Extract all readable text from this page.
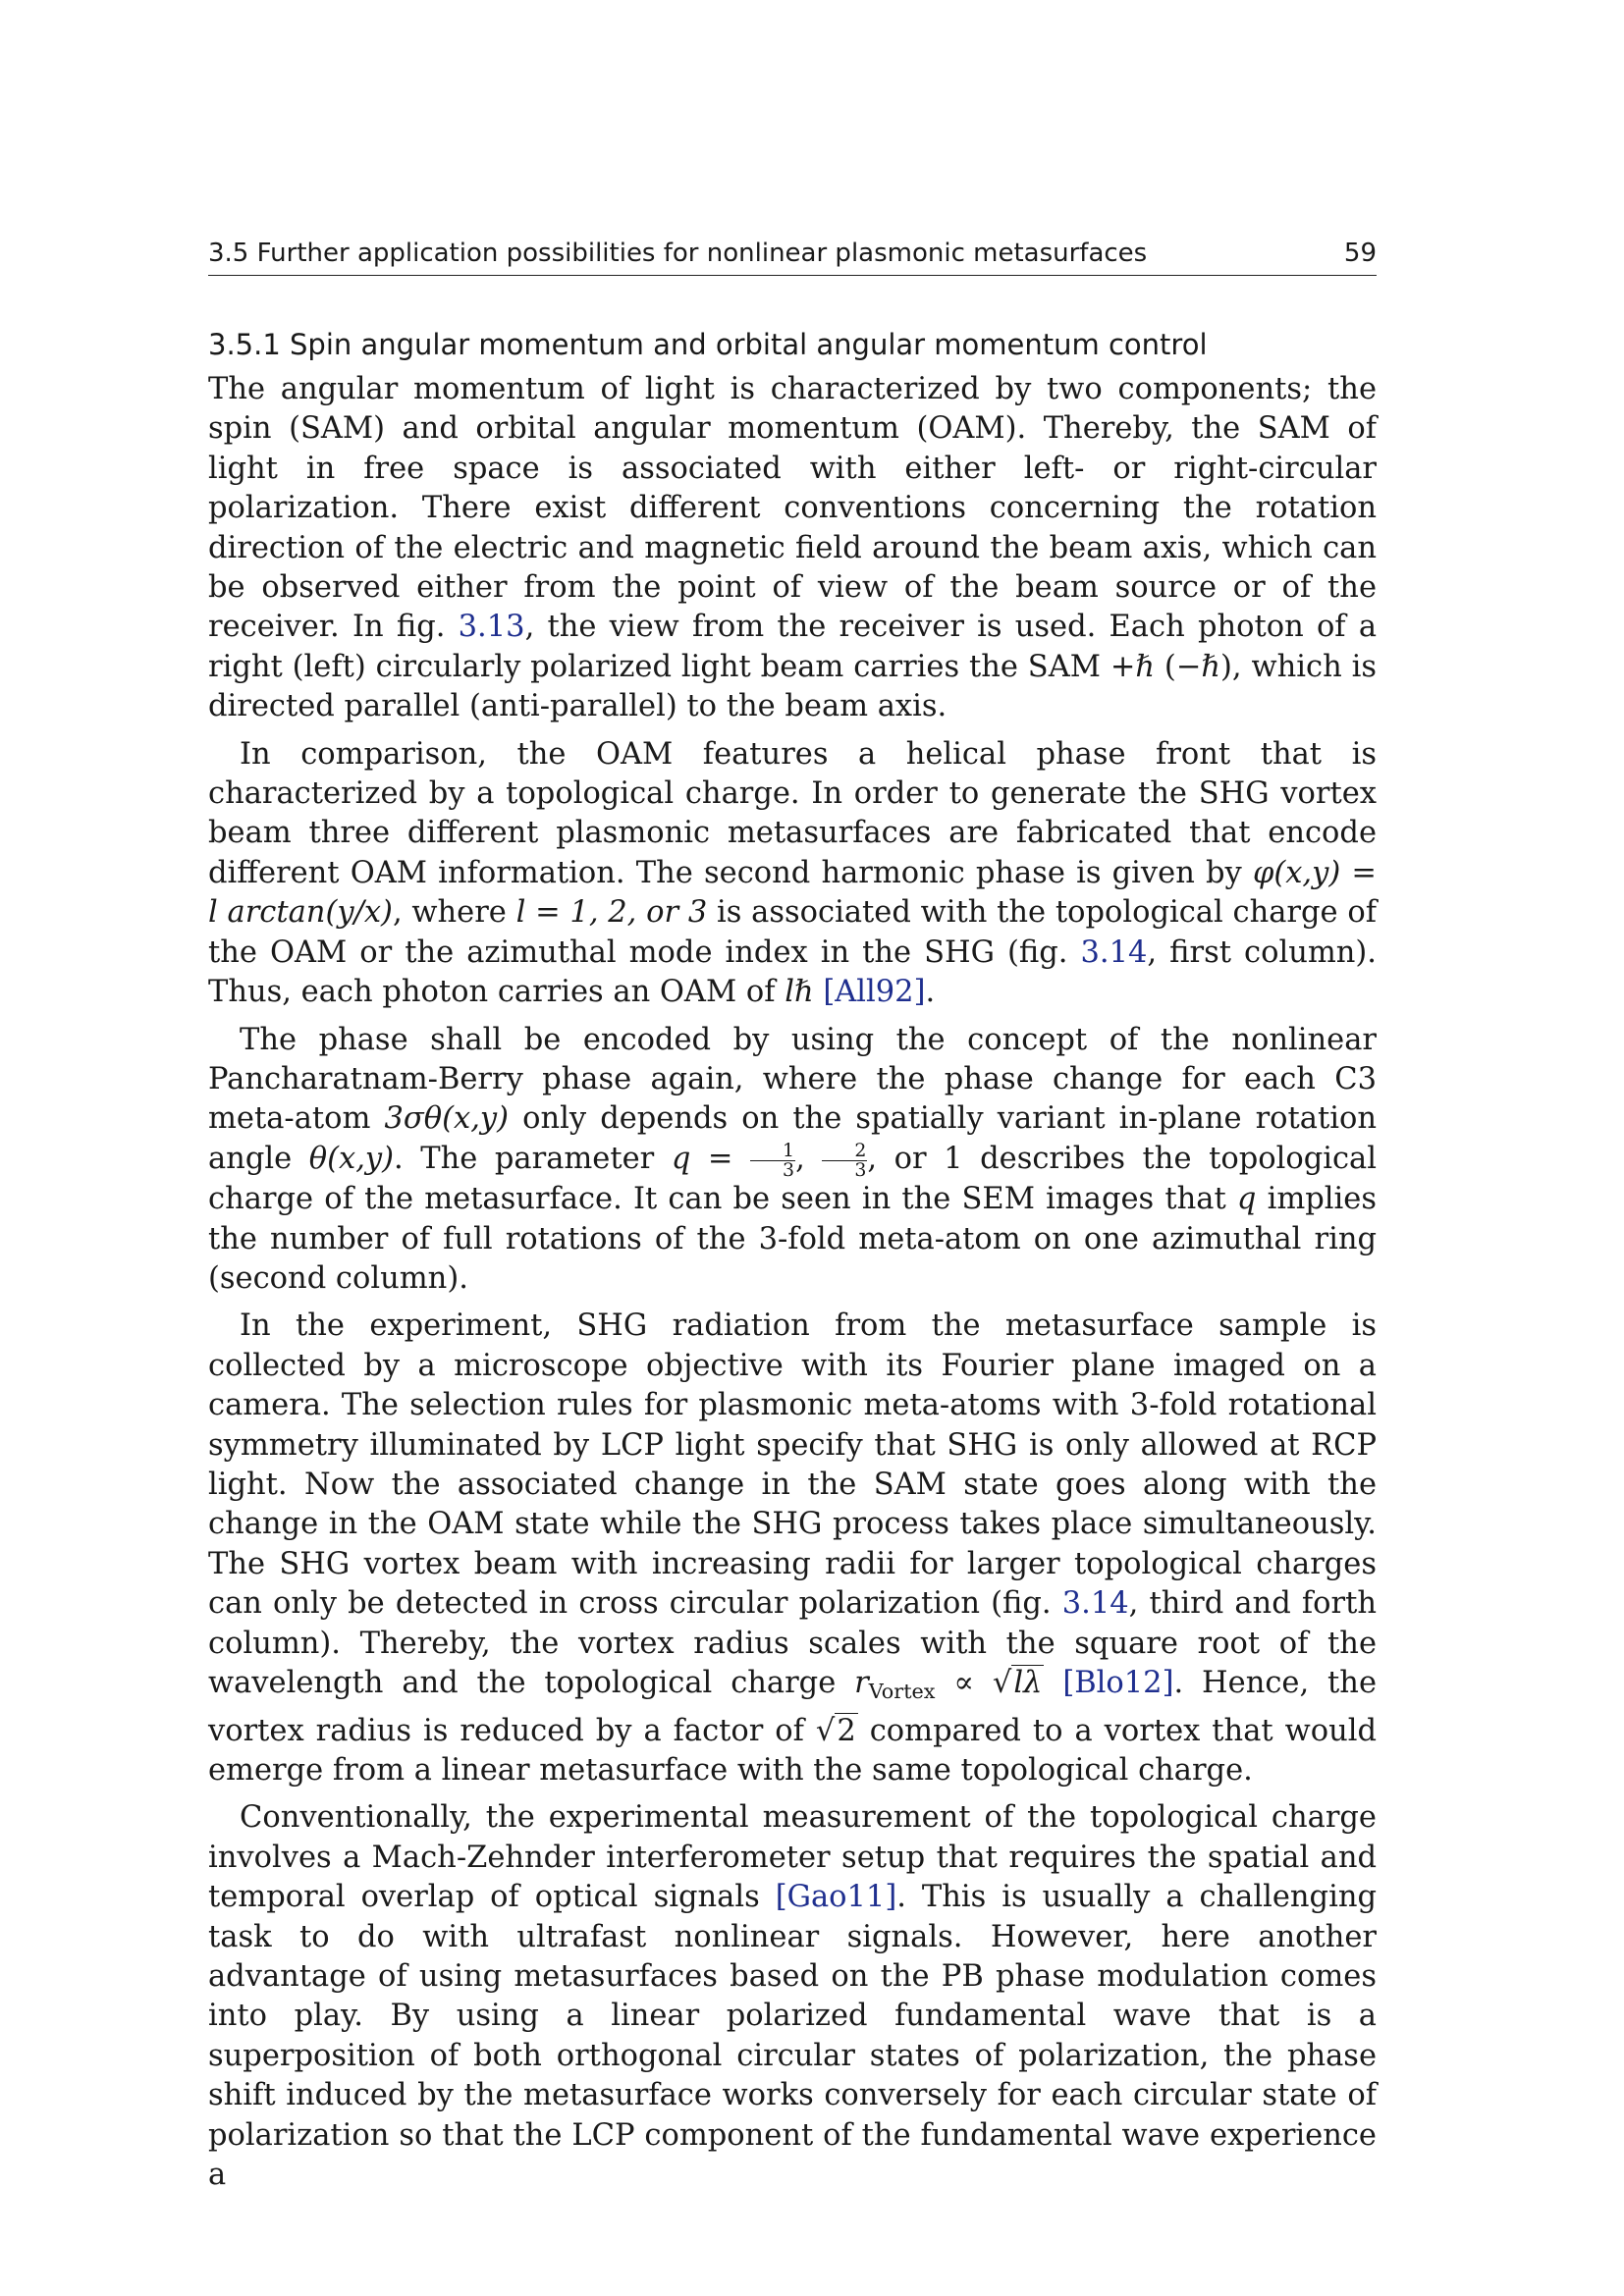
3.5 Further application possibilities for nonlinear plasmonic metasurfaces	59
3.5.1 Spin angular momentum and orbital angular momentum control

The angular momentum of light is characterized by two components; the spin (SAM) and orbital angular momentum (OAM). Thereby, the SAM of light in free space is associated with either left- or right-circular polarization. There exist different conventions concerning the rotation direction of the electric and magnetic field around the beam axis, which can be observed either from the point of view of the beam source or of the receiver. In fig. 3.13, the view from the receiver is used. Each photon of a right (left) circularly polarized light beam carries the SAM +ℏ (−ℏ), which is directed parallel (anti-parallel) to the beam axis.

In comparison, the OAM features a helical phase front that is characterized by a topological charge. In order to generate the SHG vortex beam three different plasmonic metasurfaces are fabricated that encode different OAM information. The second harmonic phase is given by φ(x,y) = l arctan(y/x), where l = 1, 2, or 3 is associated with the topological charge of the OAM or the azimuthal mode index in the SHG (fig. 3.14, first column). Thus, each photon carries an OAM of lℏ [All92].

The phase shall be encoded by using the concept of the nonlinear Pancharatnam-Berry phase again, where the phase change for each C3 meta-atom 3σθ(x,y) only depends on the spatially variant in-plane rotation angle θ(x,y). The parameter $q = \frac{1}{3}$ , $\frac{2}{3}$ , or 1 describes the topological charge of the metasurface. It can be seen in the SEM images that q implies the number of full rotations of the 3-fold meta-atom on one azimuthal ring (second column).

In the experiment, SHG radiation from the metasurface sample is collected by a microscope objective with its Fourier plane imaged on a camera. The selection rules for plasmonic meta-atoms with 3-fold rotational symmetry illuminated by LCP light specify that SHG is only allowed at RCP light. Now the associated change in the SAM state goes along with the change in the OAM state while the SHG process takes place simultaneously. The SHG vortex beam with increasing radii for larger topological charges can only be detected in cross circular polarization (fig. 3.14, third and forth column). Thereby, the vortex radius scales with the square root of the wavelength and the topological charge $r_{Vortex} \propto √l\lambda$ [Blo12]. Hence, the vortex radius is reduced by a factor of √2 compared to a vortex that would emerge from a linear metasurface with the same topological charge.

Conventionally, the experimental measurement of the topological charge involves a Mach-Zehnder interferometer setup that requires the spatial and temporal overlap of optical signals [Gao11]. This is usually a challenging task to do with ultrafast nonlinear signals. However, here another advantage of using metasurfaces based on the PB phase modulation comes into play. By using a linear polarized fundamental wave that is a superposition of both orthogonal circular states of polarization, the phase shift induced by the metasurface works conversely for each circular state of polarization so that the LCP component of the fundamental wave experience a
